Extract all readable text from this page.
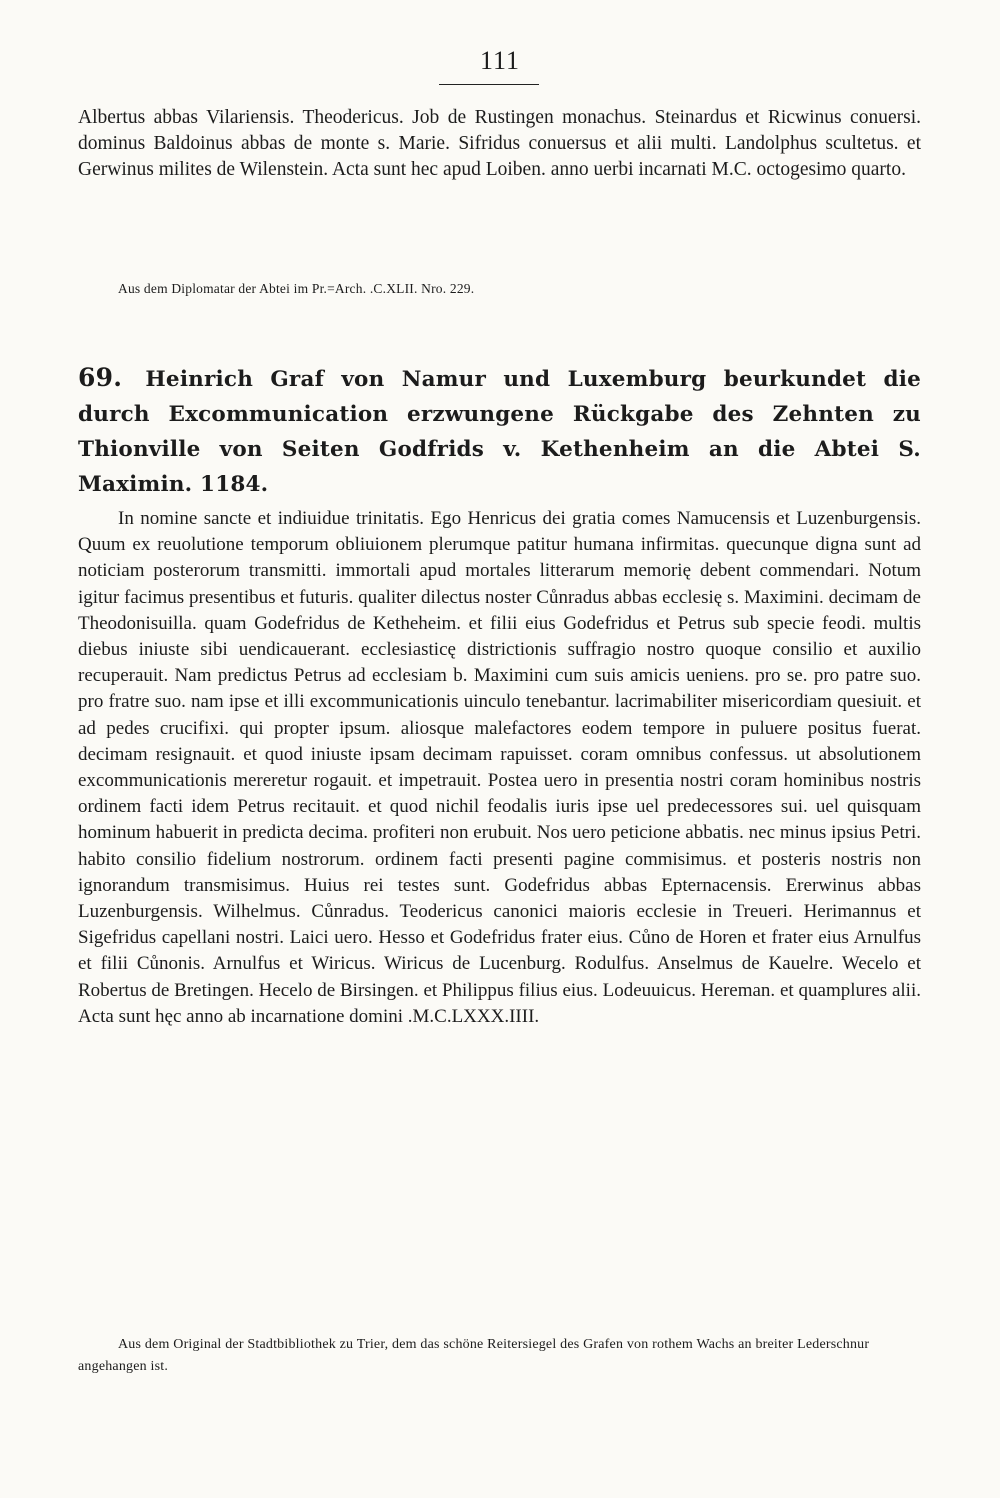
111

Albertus abbas Vilariensis. Theodericus. Job de Rustingen monachus. Steinardus et Ricwinus conuersi. dominus Baldoinus abbas de monte s. Marie. Sifridus conuersus et alii multi. Landolphus scultetus. et Gerwinus milites de Wilenstein. Acta sunt hec apud Loiben. anno uerbi incarnati M.C. octogesimo quarto.

Aus dem Diplomatar der Abtei im Pr.=Arch. .C.XLII. Nro. 229.

69. Heinrich Graf von Namur und Luxemburg beurkundet die durch Excommunication erzwungene Rückgabe des Zehnten zu Thionville von Seiten Godfrids v. Kethenheim an die Abtei S. Maximin. 1184.

In nomine sancte et indiuidue trinitatis. Ego Henricus dei gratia comes Namucensis et Luzenburgensis. Quum ex reuolutione temporum obliuionem plerumque patitur humana infirmitas. quecunque digna sunt ad noticiam posterorum transmitti. immortali apud mortales litterarum memorię debent commendari. Notum igitur facimus presentibus et futuris. qualiter dilectus noster Cůnradus abbas ecclesię s. Maximini. decimam de Theodonisuilla. quam Godefridus de Ketheheim. et filii eius Godefridus et Petrus sub specie feodi. multis diebus iniuste sibi uendicauerant. ecclesiasticę districtionis suffragio nostro quoque consilio et auxilio recuperauit. Nam predictus Petrus ad ecclesiam b. Maximini cum suis amicis ueniens. pro se. pro patre suo. pro fratre suo. nam ipse et illi excommunicationis uinculo tenebantur. lacrimabiliter misericordiam quesiuit. et ad pedes crucifixi. qui propter ipsum. aliosque malefactores eodem tempore in puluere positus fuerat. decimam resignauit. et quod iniuste ipsam decimam rapuisset. coram omnibus confessus. ut absolutionem excommunicationis mereretur rogauit. et impetrauit. Postea uero in presentia nostri coram hominibus nostris ordinem facti idem Petrus recitauit. et quod nichil feodalis iuris ipse uel predecessores sui. uel quisquam hominum habuerit in predicta decima. profiteri non erubuit. Nos uero peticione abbatis. nec minus ipsius Petri. habito consilio fidelium nostrorum. ordinem facti presenti pagine commisimus. et posteris nostris non ignorandum transmisimus. Huius rei testes sunt. Godefridus abbas Epternacensis. Ererwinus abbas Luzenburgensis. Wilhelmus. Cůnradus. Teodericus canonici maioris ecclesie in Treueri. Herimannus et Sigefridus capellani nostri. Laici uero. Hesso et Godefridus frater eius. Cůno de Horen et frater eius Arnulfus et filii Cůnonis. Arnulfus et Wiricus. Wiricus de Lucenburg. Rodulfus. Anselmus de Kauelre. Wecelo et Robertus de Bretingen. Hecelo de Birsingen. et Philippus filius eius. Lodeuuicus. Hereman. et quamplures alii. Acta sunt hęc anno ab incarnatione domini .M.C.LXXX.IIII.

Aus dem Original der Stadtbibliothek zu Trier, dem das schöne Reitersiegel des Grafen von rothem Wachs an breiter Lederschnur angehangen ist.
